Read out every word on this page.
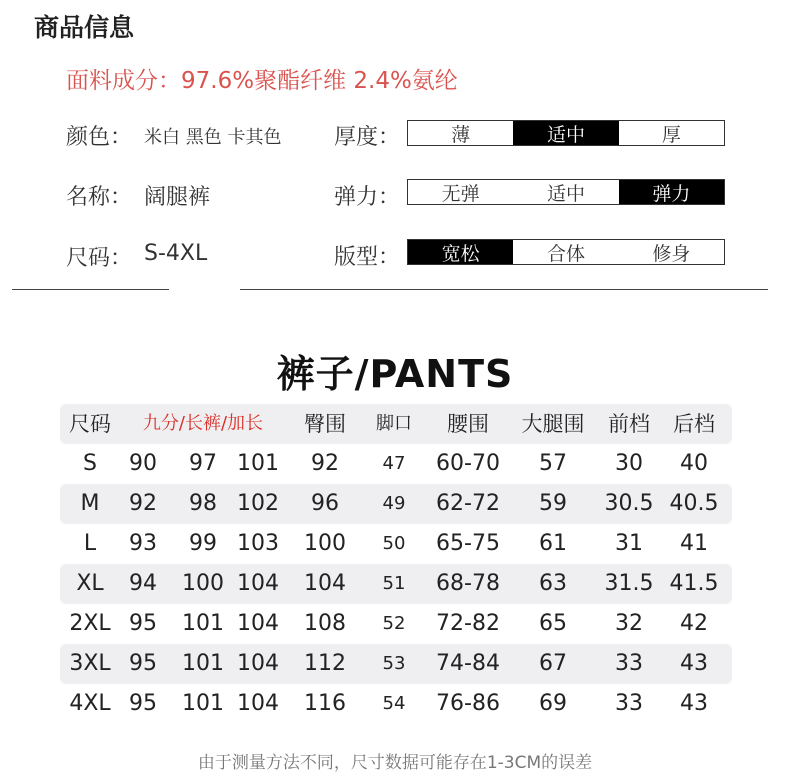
商品信息
面料成分：97.6%聚酯纤维 2.4%氨纶
颜色： 米白 黑色 卡其色
名称： 阔腿裤
尺码： S-4XL
厚度：	薄	适中	厚
弹力：	无弹	适中	弹力
版型：	宽松	合体	修身
裤子/PANTS
尺码 九分/长裤/加长 臀围 脚口 腰围 大腿围 前档 后档
S 90 97 101 92 47 60-70 57 30 40
M 92 98 102 96 49 62-72 59 30.5 40.5
L 93 99 103 100 50 65-75 61 31 41
XL 94 100 104 104 51 68-78 63 31.5 41.5
2XL 95 101 104 108 52 72-82 65 32 42
3XL 95 101 104 112 53 74-84 67 33 43
4XL 95 101 104 116 54 76-86 69 33 43
由于测量方法不同，尺寸数据可能存在1-3CM的误差
